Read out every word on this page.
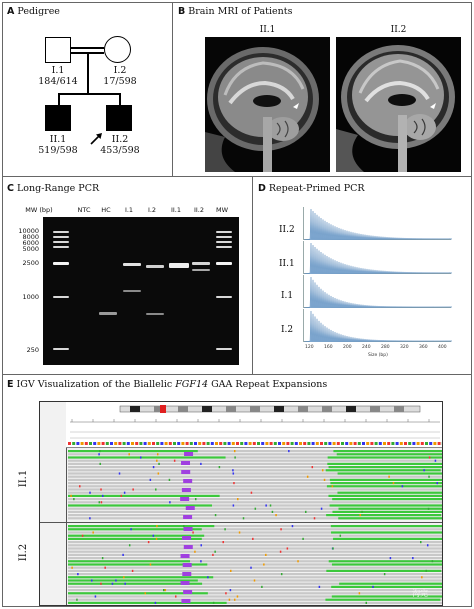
A Pedigree
I.1
184/614
I.2
17/598
II.1
519/598
II.2
453/598
B Brain MRI of Patients
II.1	II.2
C Long-Range PCR
MW (bp)	NTC	HC	I.1	I.2	II.1	II.2	MW
10000
8000
6000
5000
2500
1000
250
D Repeat-Primed PCR
II.2
II.1
I.1
I.2
120 160 200 240 280 320 360 400
Size (bp)
E IGV Visualization of the Biallelic FGF14 GAA Repeat Expansions
II.1
II.2
沟完
